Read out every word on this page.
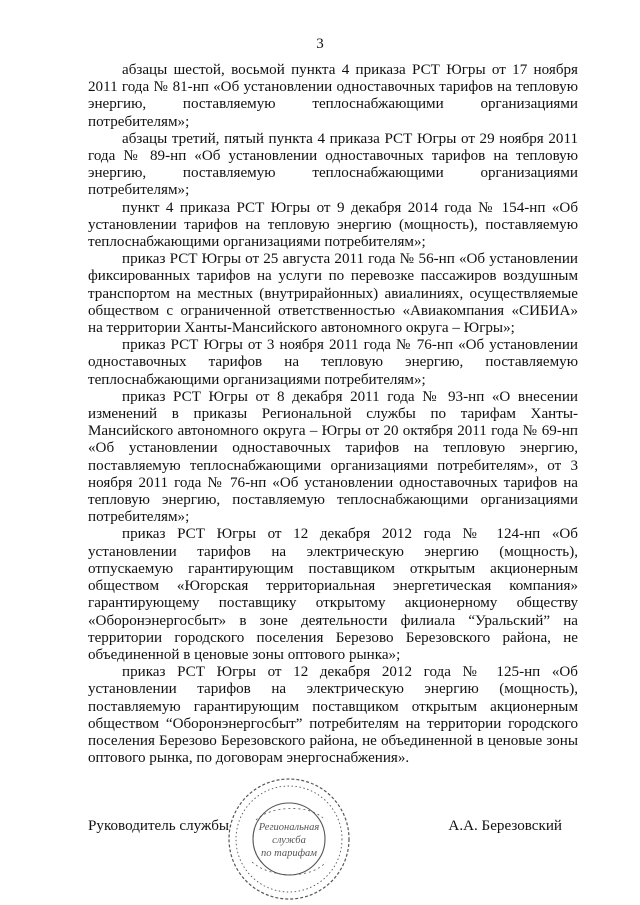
3

абзацы шестой, восьмой пункта 4 приказа РСТ Югры от 17 ноября 2011 года № 81-нп «Об установлении одноставочных тарифов на тепловую энергию, поставляемую теплоснабжающими организациями потребителям»;

абзацы третий, пятый пункта 4 приказа РСТ Югры от 29 ноября 2011 года № 89-нп «Об установлении одноставочных тарифов на тепловую энергию, поставляемую теплоснабжающими организациями потребителям»;

пункт 4 приказа РСТ Югры от 9 декабря 2014 года № 154-нп «Об установлении тарифов на тепловую энергию (мощность), поставляемую теплоснабжающими организациями потребителям»;

приказ РСТ Югры от 25 августа 2011 года № 56-нп «Об установлении фиксированных тарифов на услуги по перевозке пассажиров воздушным транспортом на местных (внутрирайонных) авиалиниях, осуществляемые обществом с ограниченной ответственностью «Авиакомпания «СИБИА» на территории Ханты-Мансийского автономного округа – Югры»;

приказ РСТ Югры от 3 ноября 2011 года № 76-нп «Об установлении одноставочных тарифов на тепловую энергию, поставляемую теплоснабжающими организациями потребителям»;

приказ РСТ Югры от 8 декабря 2011 года № 93-нп «О внесении изменений в приказы Региональной службы по тарифам Ханты-Мансийского автономного округа – Югры от 20 октября 2011 года № 69-нп «Об установлении одноставочных тарифов на тепловую энергию, поставляемую теплоснабжающими организациями потребителям», от 3 ноября 2011 года № 76-нп «Об установлении одноставочных тарифов на тепловую энергию, поставляемую теплоснабжающими организациями потребителям»;

приказ РСТ Югры от 12 декабря 2012 года № 124-нп «Об установлении тарифов на электрическую энергию (мощность), отпускаемую гарантирующим поставщиком открытым акционерным обществом «Югорская территориальная энергетическая компания» гарантирующему поставщику открытому акционерному обществу «Оборонэнергосбыт» в зоне деятельности филиала “Уральский” на территории городского поселения Березово Березовского района, не объединенной в ценовые зоны оптового рынка»;

приказ РСТ Югры от 12 декабря 2012 года № 125-нп «Об установлении тарифов на электрическую энергию (мощность), поставляемую гарантирующим поставщиком открытым акционерным обществом “Оборонэнергосбыт” потребителям на территории городского поселения Березово Березовского района, не объединенной в ценовые зоны оптового рынка, по договорам энергоснабжения».

Региональная
служба
по тарифам
Руководитель службы	А.А. Березовский
